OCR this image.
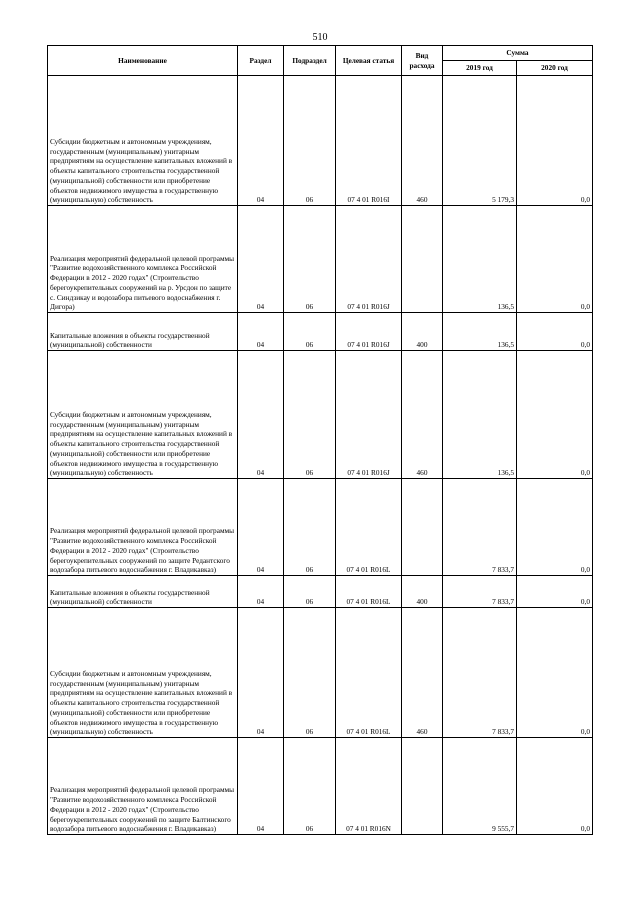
510
Наименование	Раздел	Подраздел	Целевая статья	Вид расхода	Сумма	
					2019 год	2020 год
Субсидии бюджетным и автономным учреждениям, государственным (муниципальным) унитарным предприятиям на осуществление капитальных вложений в объекты капитального строительства государственной (муниципальной) собственности или приобретение объектов недвижимого имущества в государственную (муниципальную) собственность	04	06	07 4 01 R016I	460	5 179,3	0,0
Реализация мероприятий федеральной целевой программы "Развитие водохозяйственного комплекса Российской Федерации в 2012 - 2020 годах" (Строительство берегоукрепительных сооружений на р. Урсдон по защите с. Синдзикау и водозабора питьевого водоснабжения г. Дигора)	04	06	07 4 01 R016J		136,5	0,0
Капитальные вложения в объекты государственной (муниципальной) собственности	04	06	07 4 01 R016J	400	136,5	0,0
Субсидии бюджетным и автономным учреждениям, государственным (муниципальным) унитарным предприятиям на осуществление капитальных вложений в объекты капитального строительства государственной (муниципальной) собственности или приобретение объектов недвижимого имущества в государственную (муниципальную) собственность	04	06	07 4 01 R016J	460	136,5	0,0
Реализация мероприятий федеральной целевой программы "Развитие водохозяйственного комплекса Российской Федерации в 2012 - 2020 годах" (Строительство берегоукрепительных сооружений по защите Редантского водозабора питьевого водоснабжения г. Владикавказ)	04	06	07 4 01 R016L		7 833,7	0,0
Капитальные вложения в объекты государственной (муниципальной) собственности	04	06	07 4 01 R016L	400	7 833,7	0,0
Субсидии бюджетным и автономным учреждениям, государственным (муниципальным) унитарным предприятиям на осуществление капитальных вложений в объекты капитального строительства государственной (муниципальной) собственности или приобретение объектов недвижимого имущества в государственную (муниципальную) собственность	04	06	07 4 01 R016L	460	7 833,7	0,0
Реализация мероприятий федеральной целевой программы "Развитие водохозяйственного комплекса Российской Федерации в 2012 - 2020 годах" (Строительство берегоукрепительных сооружений по защите Балтинского водозабора питьевого водоснабжения г. Владикавказ)	04	06	07 4 01 R016N		9 555,7	0,0
